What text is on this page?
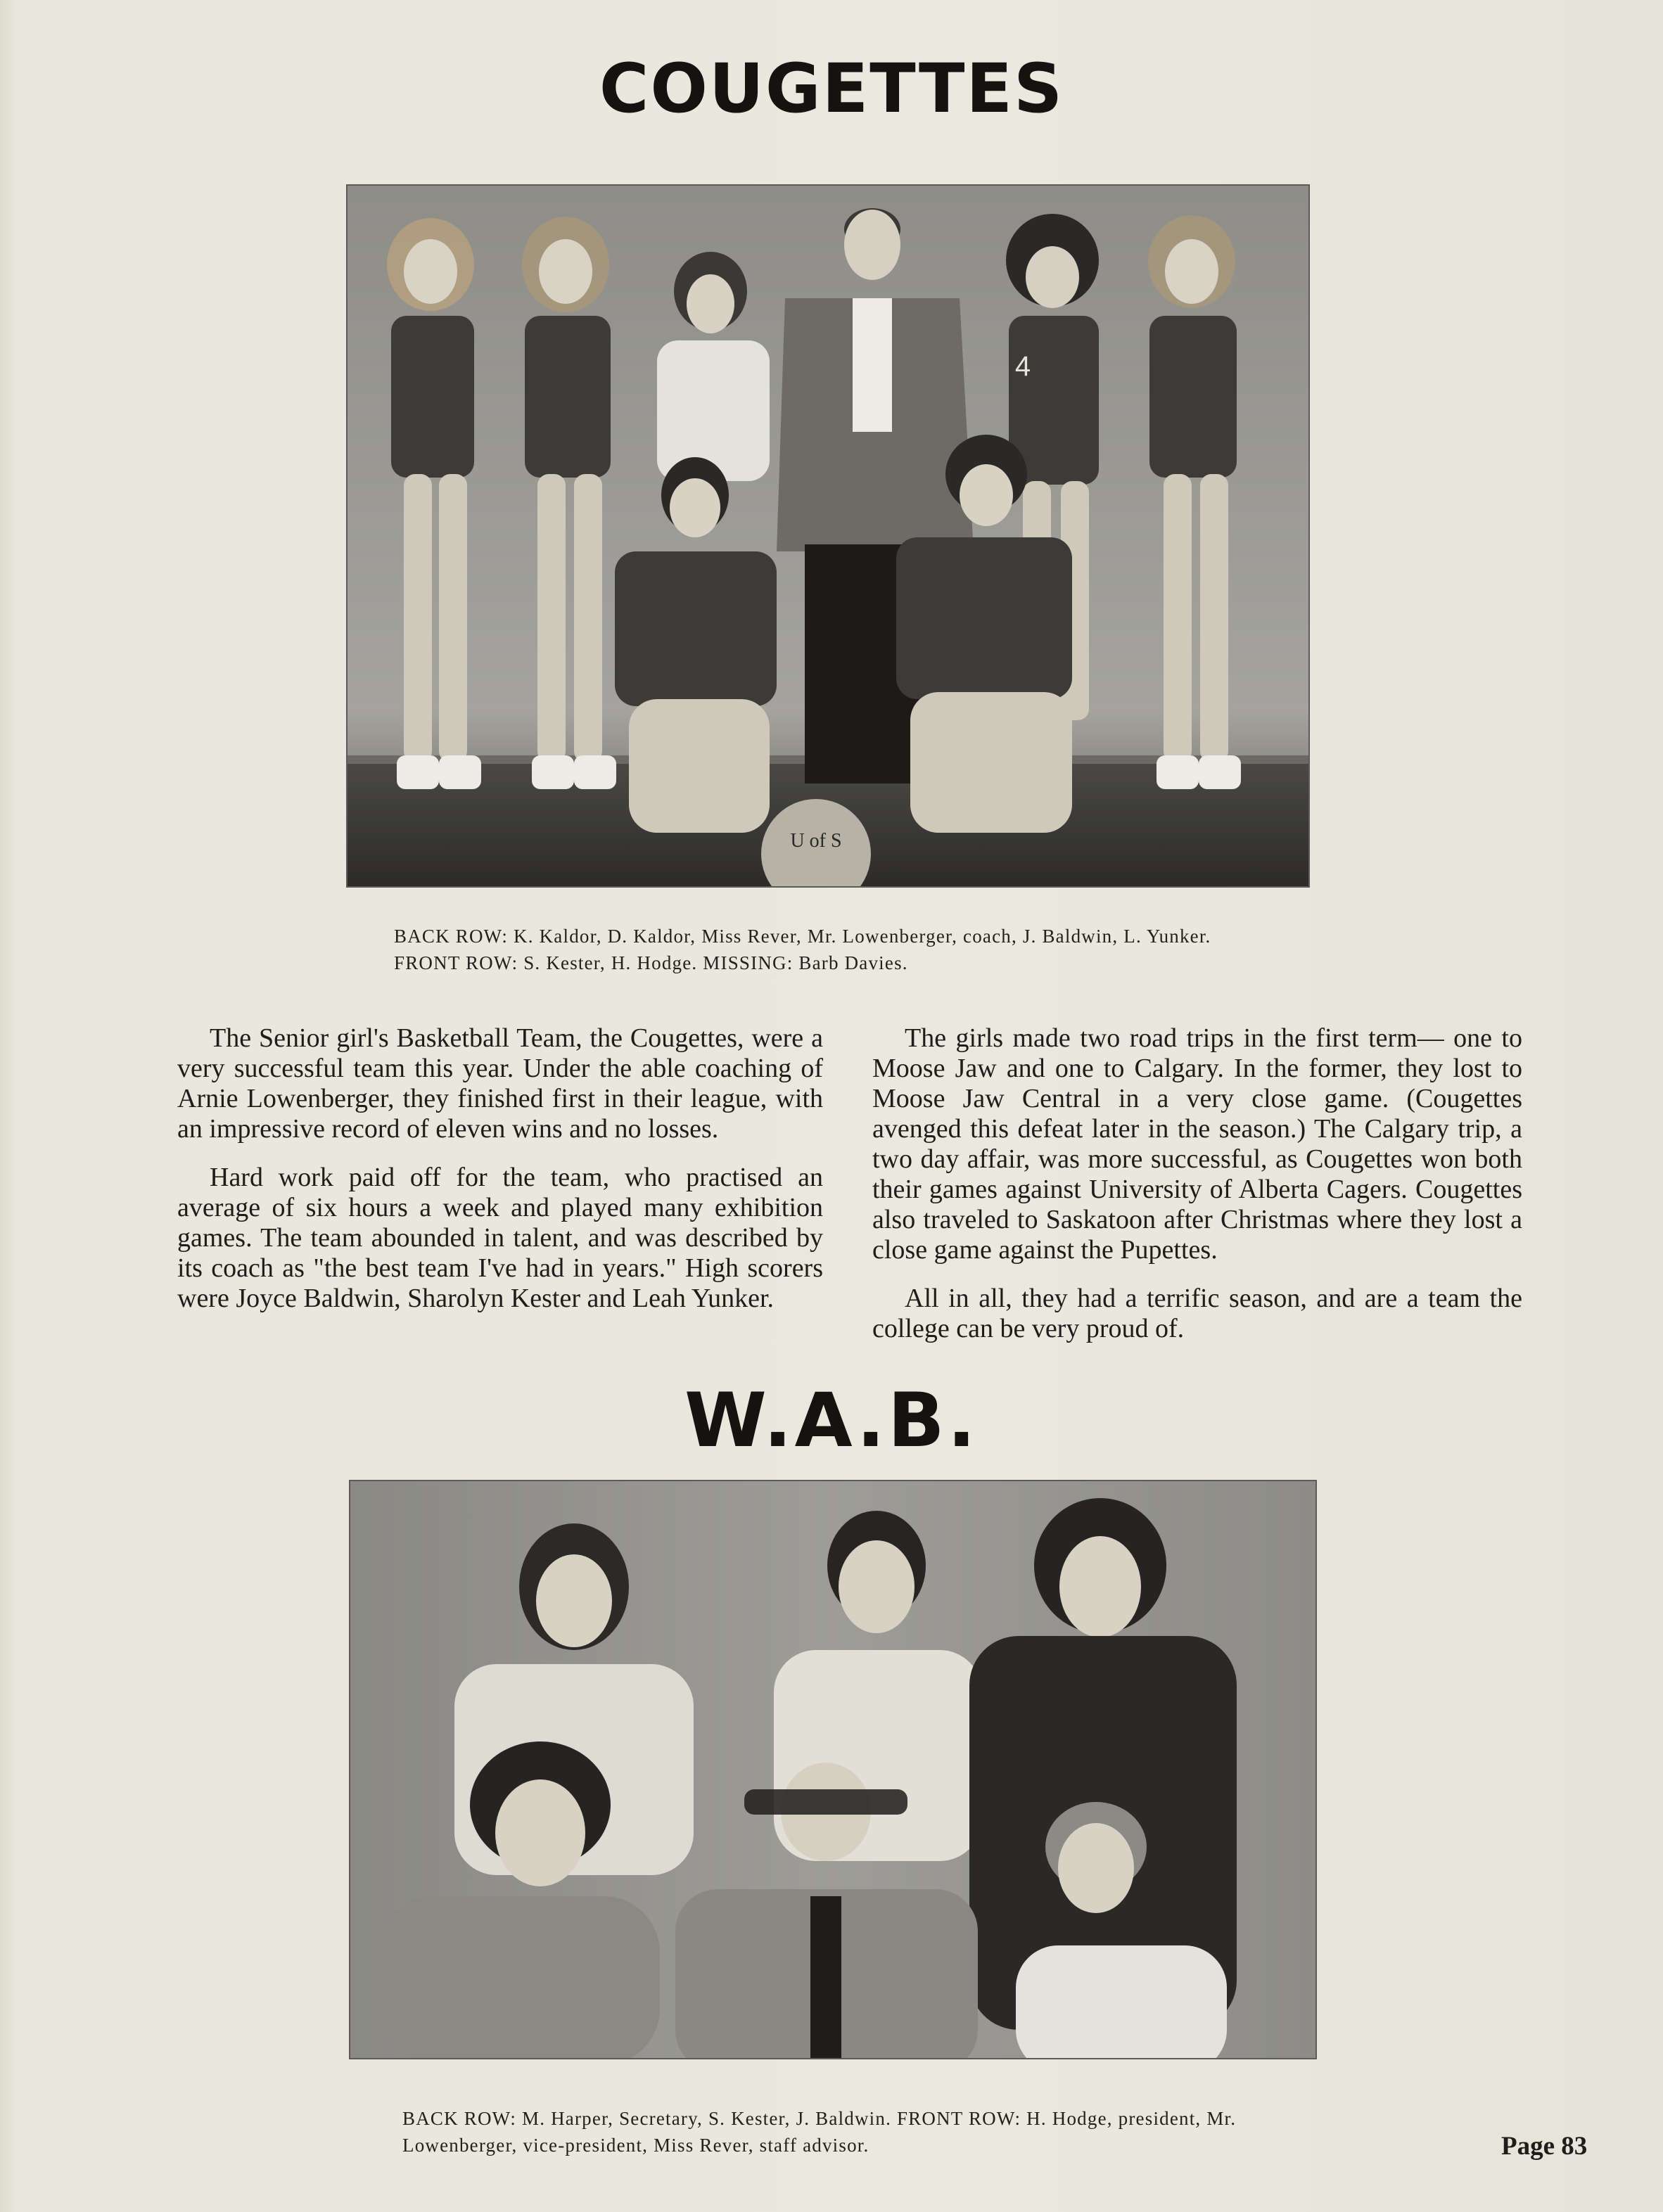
COUGETTES
U of S
4
BACK ROW: K. Kaldor, D. Kaldor, Miss Rever, Mr. Lowenberger, coach, J. Baldwin, L. Yunker. FRONT ROW: S. Kester, H. Hodge. MISSING: Barb Davies.

The Senior girl's Basketball Team, the Cougettes, were a very successful team this year. Under the able coaching of Arnie Lowenberger, they finished first in their league, with an impressive record of eleven wins and no losses.

Hard work paid off for the team, who practised an average of six hours a week and played many exhibition games. The team abounded in talent, and was described by its coach as "the best team I've had in years." High scorers were Joyce Baldwin, Sharolyn Kester and Leah Yunker.

The girls made two road trips in the first term— one to Moose Jaw and one to Calgary. In the former, they lost to Moose Jaw Central in a very close game. (Cougettes avenged this defeat later in the season.) The Calgary trip, a two day affair, was more successful, as Cougettes won both their games against University of Alberta Cagers. Cougettes also traveled to Saskatoon after Christmas where they lost a close game against the Pupettes.

All in all, they had a terrific season, and are a team the college can be very proud of.

W.A.B.
BACK ROW: M. Harper, Secretary, S. Kester, J. Baldwin. FRONT ROW: H. Hodge, president, Mr. Lowenberger, vice-president, Miss Rever, staff advisor.	Page 83
